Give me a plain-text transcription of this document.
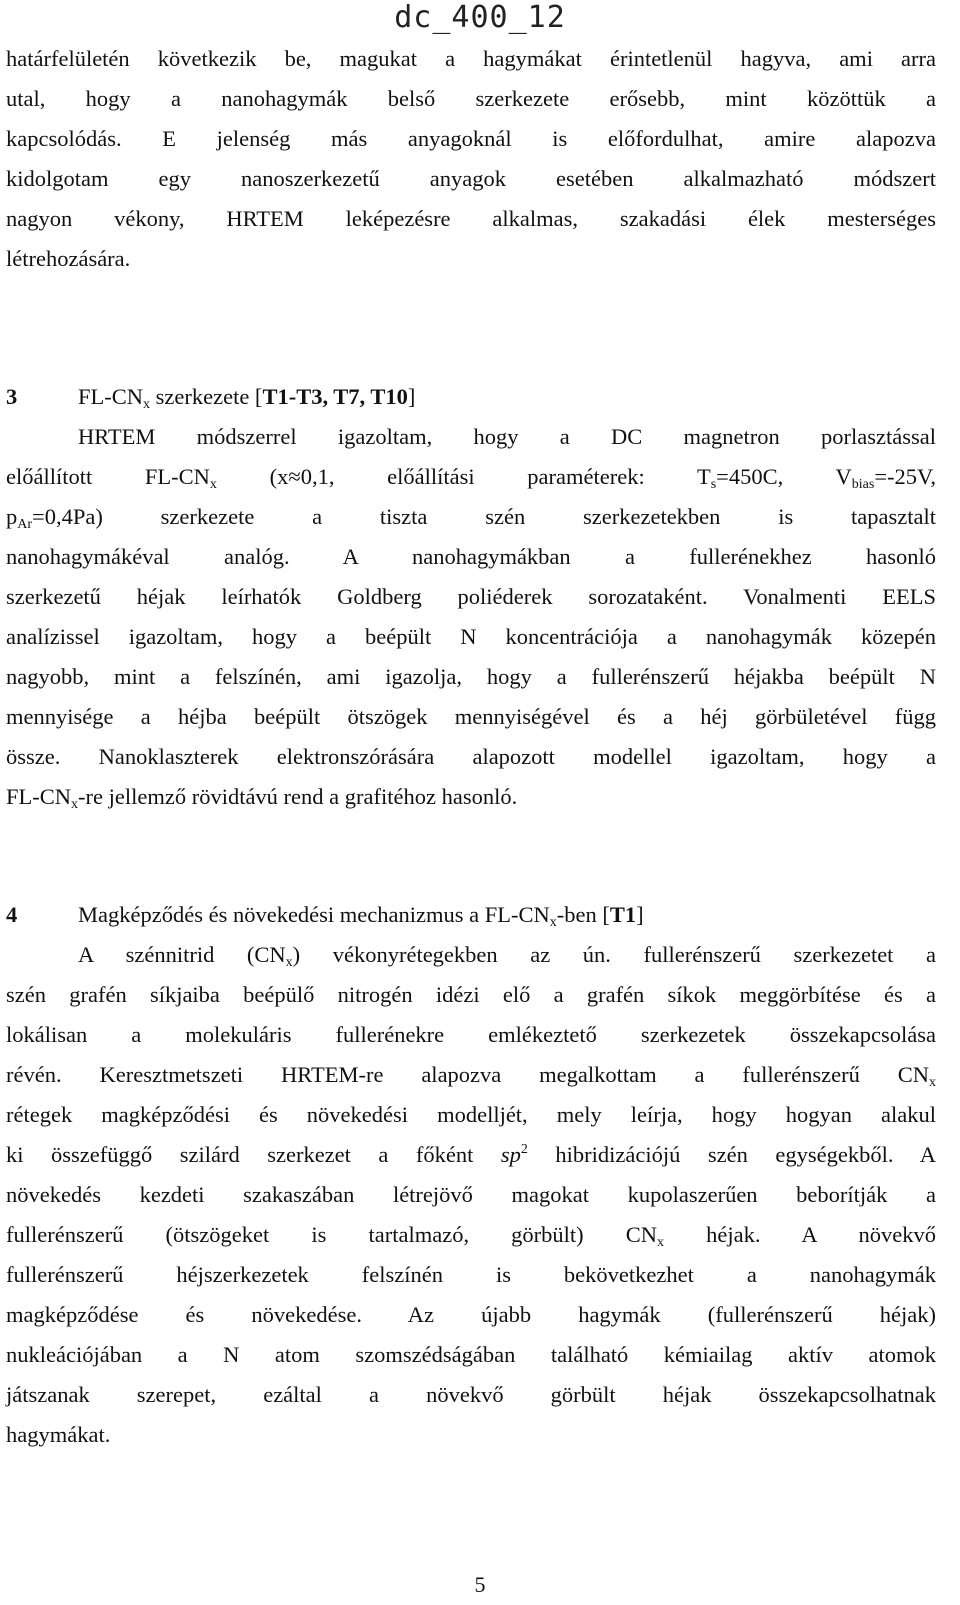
dc_400_12
határfelületén következik be, magukat a hagymákat érintetlenül hagyva, ami arra
utal, hogy a nanohagymák belső szerkezete erősebb, mint közöttük a
kapcsolódás. E jelenség más anyagoknál is előfordulhat, amire alapozva
kidolgotam egy nanoszerkezetű anyagok esetében alkalmazható módszert
nagyon vékony, HRTEM leképezésre alkalmas, szakadási élek mesterséges
létrehozására.
3	$FL-CN_x$ szerkezete [T1-T3, T7, T10]
HRTEM módszerrel igazoltam, hogy a DC magnetron porlasztással
előállított $FL-CN_x$ (x≈0,1, előállítási paraméterek: $T_s=450C$, $V_{bias}=-25V$,
$p_{Ar}=0,4Pa$) szerkezete a tiszta szén szerkezetekben is tapasztalt
nanohagymákéval analóg. A nanohagymákban a fullerénekhez hasonló
szerkezetű héjak leírhatók Goldberg poliéderek sorozataként. Vonalmenti EELS
analízissel igazoltam, hogy a beépült N koncentrációja a nanohagymák közepén
nagyobb, mint a felszínén, ami igazolja, hogy a fullerénszerű héjakba beépült N
mennyisége a héjba beépült ötszögek mennyiségével és a héj görbületével függ
össze. Nanoklaszterek elektronszórására alapozott modellel igazoltam, hogy a
$FL-CN_x-re$ jellemző rövidtávú rend a grafitéhoz hasonló.
4	Magképződés és növekedési mechanizmus a $FL-CN_x$-ben [T1]
A szénnitrid $(CN_x)$ vékonyrétegekben az ún. fullerénszerű szerkezetet a
szén grafén síkjaiba beépülő nitrogén idézi elő a grafén síkok meggörbítése és a
lokálisan a molekuláris fullerénekre emlékeztető szerkezetek összekapcsolása
révén. Keresztmetszeti HRTEM-re alapozva megalkottam a fullerénszerű $CN_x$
rétegek magképződési és növekedési modelljét, mely leírja, hogy hogyan alakul
ki összefüggő szilárd szerkezet a főként $sp^2$ hibridizációjú szén egységekből. A
növekedés kezdeti szakaszában létrejövő magokat kupolaszerűen beborítják a
fullerénszerű (ötszögeket is tartalmazó, görbült) $CN_x$ héjak. A növekvő
fullerénszerű héjszerkezetek felszínén is bekövetkezhet a nanohagymák
magképződése és növekedése. Az újabb hagymák (fullerénszerű héjak)
nukleációjában a N atom szomszédságában található kémiailag aktív atomok
játszanak szerepet, ezáltal a növekvő görbült héjak összekapcsolhatnak
hagymákat.
5
